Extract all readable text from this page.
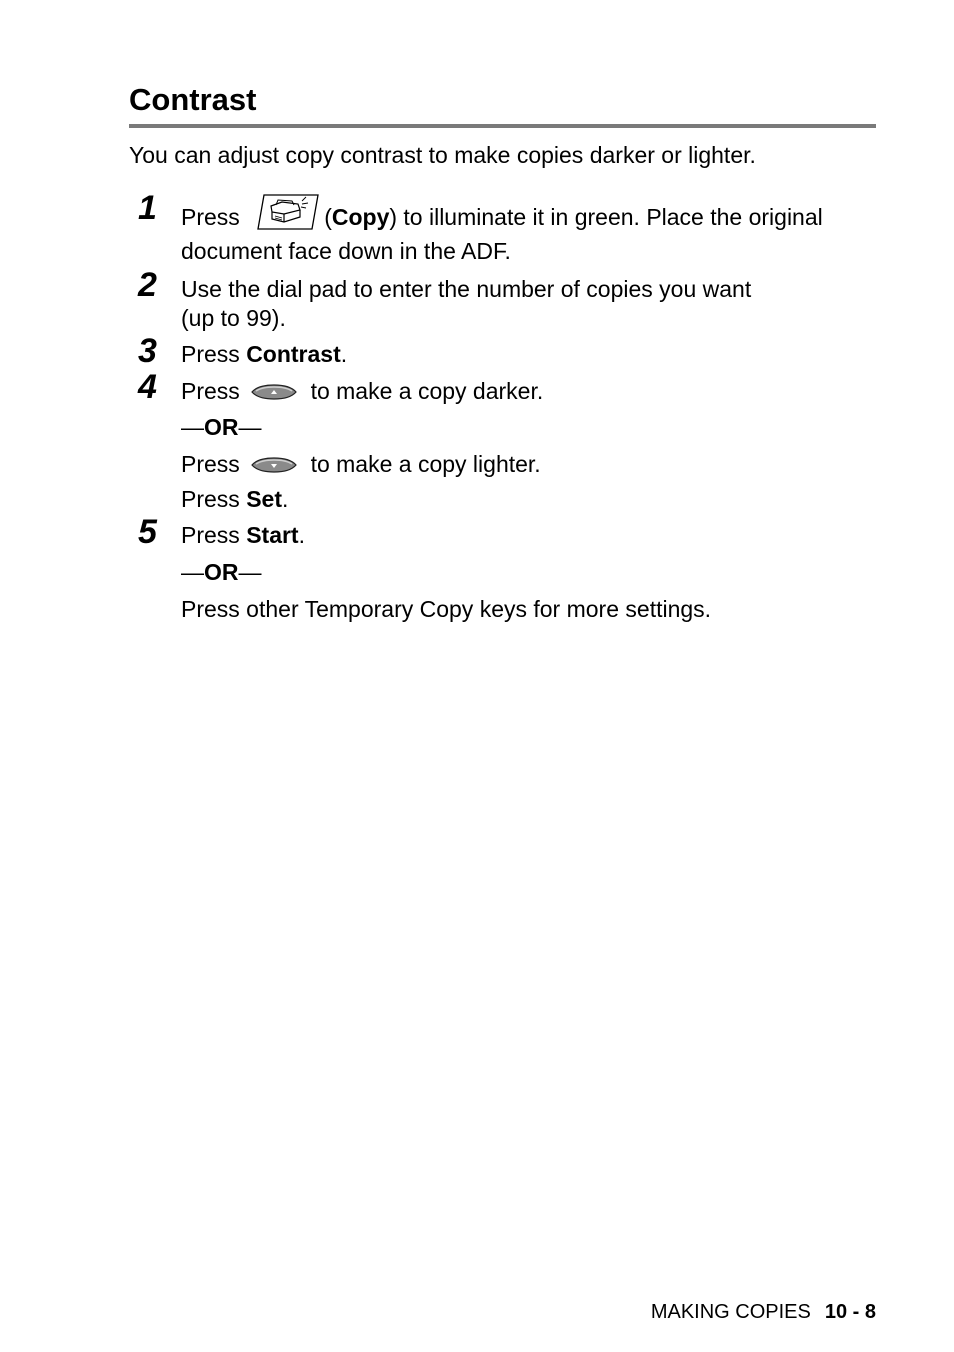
Contrast
You can adjust copy contrast to make copies darker or lighter.
1 Press	(Copy) to illuminate it in green. Place the original
document face down in the ADF.
2 Use the dial pad to enter the number of copies you want
(up to 99).
3 Press Contrast.
4 Press	to make a copy darker.
—OR—
Press	to make a copy lighter.
Press Set.
5 Press Start.
—OR—
Press other Temporary Copy keys for more settings.
MAKING COPIES 10 - 8
